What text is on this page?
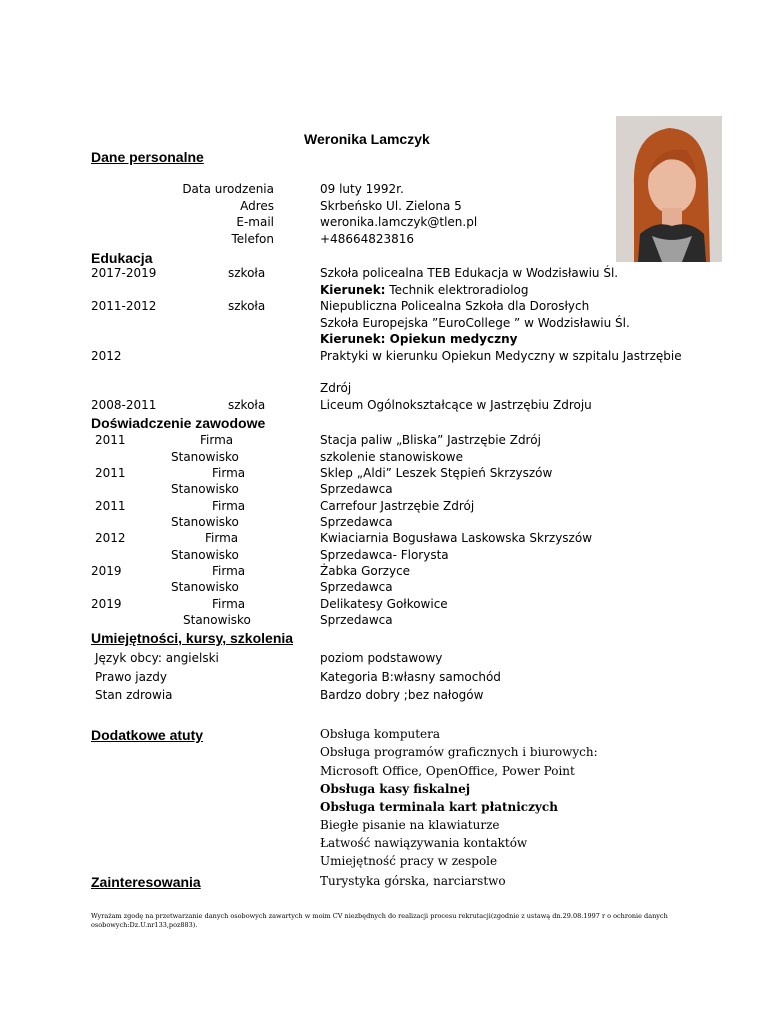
Weronika Lamczyk
Dane personalne
Data urodzenia	09 luty 1992r.
Adres	Skrbeńsko Ul. Zielona 5
E-mail	weronika.lamczyk@tlen.pl
Telefon	+48664823816
Edukacja
2017-2019	szkoła	Szkoła policealna TEB Edukacja w Wodzisławiu Śl.
Kierunek: Technik elektroradiolog
2011-2012	szkoła	Niepubliczna Policealna Szkoła dla Dorosłych
Szkoła Europejska ”EuroCollege ” w Wodzisławiu Śl.
Kierunek: Opiekun medyczny
2012	Praktyki w kierunku Opiekun Medyczny w szpitalu Jastrzębie
Zdrój
2008-2011	szkoła	Liceum Ogólnokształcące w Jastrzębiu Zdroju
Doświadczenie zawodowe
2011	Firma	Stacja paliw „Bliska” Jastrzębie Zdrój
Stanowisko	szkolenie stanowiskowe
2011	Firma	Sklep „Aldi” Leszek Stępień Skrzyszów
Stanowisko	Sprzedawca
2011	Firma	Carrefour Jastrzębie Zdrój
Stanowisko	Sprzedawca
2012	Firma	Kwiaciarnia Bogusława Laskowska Skrzyszów
Stanowisko	Sprzedawca- Florysta
2019	Firma	Żabka Gorzyce
Stanowisko	Sprzedawca
2019	Firma	Delikatesy Gołkowice
Stanowisko	Sprzedawca
Umiejętności, kursy, szkolenia
Język obcy: angielski	poziom podstawowy
Prawo jazdy	Kategoria B:własny samochód
Stan zdrowia	Bardzo dobry ;bez nałogów
Dodatkowe atuty	Obsługa komputera
Obsługa programów graficznych i biurowych:
Microsoft Office, OpenOffice, Power Point
Obsługa kasy fiskalnej
Obsługa terminala kart płatniczych
Biegłe pisanie na klawiaturze
Łatwość nawiązywania kontaktów
Umiejętność pracy w zespole
Zainteresowania	Turystyka górska, narciarstwo
Wyrażam zgodę na przetwarzanie danych osobowych zawartych w moim CV niezbędnych do realizacji procesu rekrutacji(zgodnie z ustawą dn.29.08.1997 r o ochronie danych osobowych:Dz.U.nr133,poz883).
